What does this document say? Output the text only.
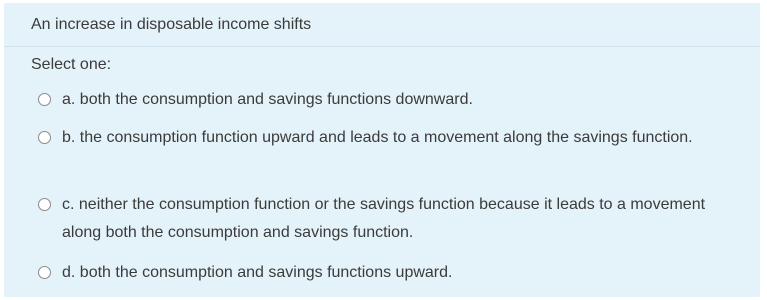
An increase in disposable income shifts
Select one:
a. both the consumption and savings functions downward.
b. the consumption function upward and leads to a movement along the savings function.
c. neither the consumption function or the savings function because it leads to a movement along both the consumption and savings function.
d. both the consumption and savings functions upward.
